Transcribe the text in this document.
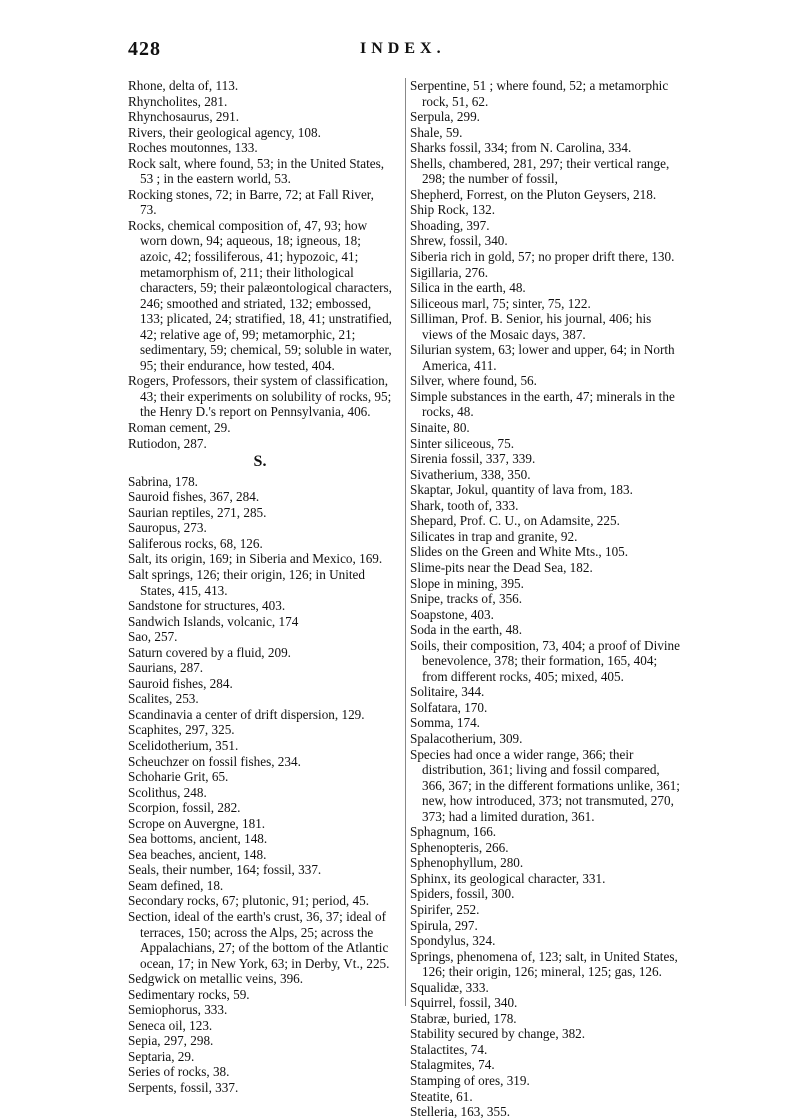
428	INDEX.

Rhone, delta of, 113.

Rhyncholites, 281.

Rhynchosaurus, 291.

Rivers, their geological agency, 108.

Roches moutonnes, 133.

Rock salt, where found, 53; in the United States, 53 ; in the eastern world, 53.

Rocking stones, 72; in Barre, 72; at Fall River, 73.

Rocks, chemical composition of, 47, 93; how worn down, 94; aqueous, 18; igneous, 18; azoic, 42; fossiliferous, 41; hypozoic, 41; metamorphism of, 211; their lithological characters, 59; their palæontological characters, 246; smoothed and striated, 132; embossed, 133; plicated, 24; stratified, 18, 41; unstratified, 42; relative age of, 99; metamorphic, 21; sedimentary, 59; chemical, 59; soluble in water, 95; their endurance, how tested, 404.

Rogers, Professors, their system of classification, 43; their experiments on solubility of rocks, 95; the Henry D.'s report on Pennsylvania, 406.

Roman cement, 29.

Rutiodon, 287.

S.

Sabrina, 178.

Sauroid fishes, 367, 284.

Saurian reptiles, 271, 285.

Sauropus, 273.

Saliferous rocks, 68, 126.

Salt, its origin, 169; in Siberia and Mexico, 169.

Salt springs, 126; their origin, 126; in United States, 415, 413.

Sandstone for structures, 403.

Sandwich Islands, volcanic, 174

Sao, 257.

Saturn covered by a fluid, 209.

Saurians, 287.

Sauroid fishes, 284.

Scalites, 253.

Scandinavia a center of drift dispersion, 129.

Scaphites, 297, 325.

Scelidotherium, 351.

Scheuchzer on fossil fishes, 234.

Schoharie Grit, 65.

Scolithus, 248.

Scorpion, fossil, 282.

Scrope on Auvergne, 181.

Sea bottoms, ancient, 148.

Sea beaches, ancient, 148.

Seals, their number, 164; fossil, 337.

Seam defined, 18.

Secondary rocks, 67; plutonic, 91; period, 45.

Section, ideal of the earth's crust, 36, 37; ideal of terraces, 150; across the Alps, 25; across the Appalachians, 27; of the bottom of the Atlantic ocean, 17; in New York, 63; in Derby, Vt., 225.

Sedgwick on metallic veins, 396.

Sedimentary rocks, 59.

Semiophorus, 333.

Seneca oil, 123.

Sepia, 297, 298.

Septaria, 29.

Series of rocks, 38.

Serpents, fossil, 337.

Serpentine, 51 ; where found, 52; a metamorphic rock, 51, 62.

Serpula, 299.

Shale, 59.

Sharks fossil, 334; from N. Carolina, 334.

Shells, chambered, 281, 297; their vertical range, 298; the number of fossil,

Shepherd, Forrest, on the Pluton Geysers, 218.

Ship Rock, 132.

Shoading, 397.

Shrew, fossil, 340.

Siberia rich in gold, 57; no proper drift there, 130.

Sigillaria, 276.

Silica in the earth, 48.

Siliceous marl, 75; sinter, 75, 122.

Silliman, Prof. B. Senior, his journal, 406; his views of the Mosaic days, 387.

Silurian system, 63; lower and upper, 64; in North America, 411.

Silver, where found, 56.

Simple substances in the earth, 47; minerals in the rocks, 48.

Sinaite, 80.

Sinter siliceous, 75.

Sirenia fossil, 337, 339.

Sivatherium, 338, 350.

Skaptar, Jokul, quantity of lava from, 183.

Shark, tooth of, 333.

Shepard, Prof. C. U., on Adamsite, 225.

Silicates in trap and granite, 92.

Slides on the Green and White Mts., 105.

Slime-pits near the Dead Sea, 182.

Slope in mining, 395.

Snipe, tracks of, 356.

Soapstone, 403.

Soda in the earth, 48.

Soils, their composition, 73, 404; a proof of Divine benevolence, 378; their formation, 165, 404; from different rocks, 405; mixed, 405.

Solitaire, 344.

Solfatara, 170.

Somma, 174.

Spalacotherium, 309.

Species had once a wider range, 366; their distribution, 361; living and fossil compared, 366, 367; in the different formations unlike, 361; new, how introduced, 373; not transmuted, 270, 373; had a limited duration, 361.

Sphagnum, 166.

Sphenopteris, 266.

Sphenophyllum, 280.

Sphinx, its geological character, 331.

Spiders, fossil, 300.

Spirifer, 252.

Spirula, 297.

Spondylus, 324.

Springs, phenomena of, 123; salt, in United States, 126; their origin, 126; mineral, 125; gas, 126.

Squalidæ, 333.

Squirrel, fossil, 340.

Stabræ, buried, 178.

Stability secured by change, 382.

Stalactites, 74.

Stalagmites, 74.

Stamping of ores, 319.

Steatite, 61.

Stelleria, 163, 355.
